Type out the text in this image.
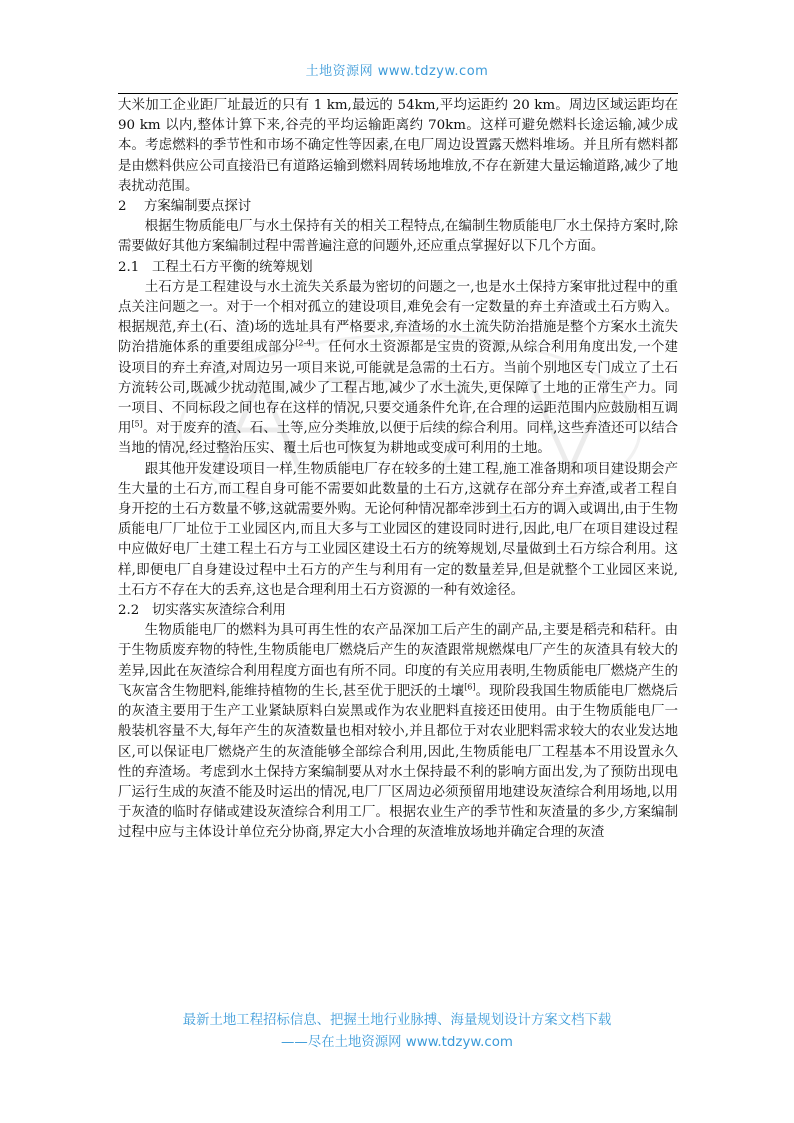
土地资源网 www.tdzyw.com

大米加工企业距厂址最近的只有 1 km,最远的 54km,平均运距约 20 km。周边区域运距均在 90 km 以内,整体计算下来,谷壳的平均运输距离约 70km。这样可避免燃料长途运输,减少成本。考虑燃料的季节性和市场不确定性等因素,在电厂周边设置露天燃料堆场。并且所有燃料都是由燃料供应公司直接沿已有道路运输到燃料周转场地堆放,不存在新建大量运输道路,减少了地表扰动范围。

2 方案编制要点探讨

根据生物质能电厂与水土保持有关的相关工程特点,在编制生物质能电厂水土保持方案时,除需要做好其他方案编制过程中需普遍注意的问题外,还应重点掌握好以下几个方面。

2.1 工程土石方平衡的统筹规划

土石方是工程建设与水土流失关系最为密切的问题之一,也是水土保持方案审批过程中的重点关注问题之一。对于一个相对孤立的建设项目,难免会有一定数量的弃土弃渣或土石方购入。根据规范,弃土(石、渣)场的选址具有严格要求,弃渣场的水土流失防治措施是整个方案水土流失防治措施体系的重要组成部分[2-4]。任何水土资源都是宝贵的资源,从综合利用角度出发,一个建设项目的弃土弃渣,对周边另一项目来说,可能就是急需的土石方。当前个别地区专门成立了土石方流转公司,既减少扰动范围,减少了工程占地,减少了水土流失,更保障了土地的正常生产力。同一项目、不同标段之间也存在这样的情况,只要交通条件允许,在合理的运距范围内应鼓励相互调用[5]。对于废弃的渣、石、土等,应分类堆放,以便于后续的综合利用。同样,这些弃渣还可以结合当地的情况,经过整治压实、覆土后也可恢复为耕地或变成可利用的土地。

跟其他开发建设项目一样,生物质能电厂存在较多的土建工程,施工准备期和项目建设期会产生大量的土石方,而工程自身可能不需要如此数量的土石方,这就存在部分弃土弃渣,或者工程自身开挖的土石方数量不够,这就需要外购。无论何种情况都牵涉到土石方的调入或调出,由于生物质能电厂厂址位于工业园区内,而且大多与工业园区的建设同时进行,因此,电厂在项目建设过程中应做好电厂土建工程土石方与工业园区建设土石方的统筹规划,尽量做到土石方综合利用。这样,即便电厂自身建设过程中土石方的产生与利用有一定的数量差异,但是就整个工业园区来说,土石方不存在大的丢弃,这也是合理利用土石方资源的一种有效途径。

2.2 切实落实灰渣综合利用

生物质能电厂的燃料为具可再生性的农产品深加工后产生的副产品,主要是稻壳和秸秆。由于生物质废弃物的特性,生物质能电厂燃烧后产生的灰渣跟常规燃煤电厂产生的灰渣具有较大的差异,因此在灰渣综合利用程度方面也有所不同。印度的有关应用表明,生物质能电厂燃烧产生的飞灰富含生物肥料,能维持植物的生长,甚至优于肥沃的土壤[6]。现阶段我国生物质能电厂燃烧后的灰渣主要用于生产工业紧缺原料白炭黑或作为农业肥料直接还田使用。由于生物质能电厂一般装机容量不大,每年产生的灰渣数量也相对较小,并且都位于对农业肥料需求较大的农业发达地区,可以保证电厂燃烧产生的灰渣能够全部综合利用,因此,生物质能电厂工程基本不用设置永久性的弃渣场。考虑到水土保持方案编制要从对水土保持最不利的影响方面出发,为了预防出现电厂运行生成的灰渣不能及时运出的情况,电厂厂区周边必须预留用地建设灰渣综合利用场地,以用于灰渣的临时存储或建设灰渣综合利用工厂。根据农业生产的季节性和灰渣量的多少,方案编制过程中应与主体设计单位充分协商,界定大小合理的灰渣堆放场地并确定合理的灰渣

最新土地工程招标信息、把握土地行业脉搏、海量规划设计方案文档下载
——尽在土地资源网 www.tdzyw.com
